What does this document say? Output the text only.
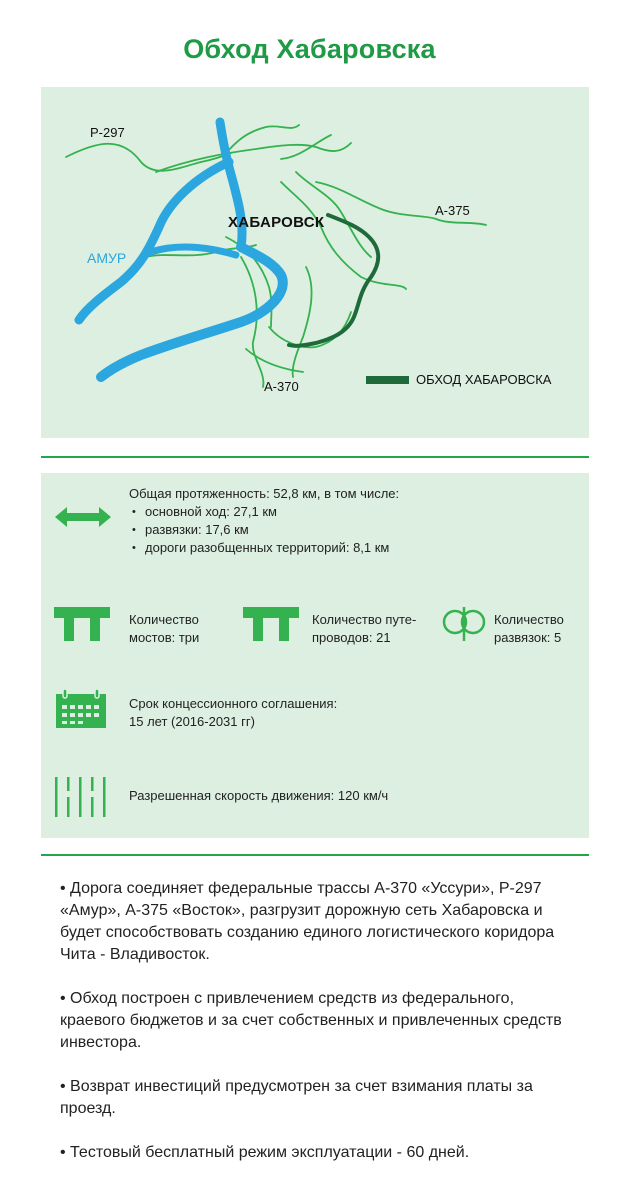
Обход Хабаровска
Р-297
А-375
А-370
ХАБАРОВСК
АМУР
ОБХОД ХАБАРОВСКА
Общая протяженность: 52,8 км, в том числе:
• основной ход: 27,1 км
• развязки: 17,6 км
• дороги разобщенных территорий: 8,1 км
Количество
мостов: три
Количество путе-
проводов: 21
Количество
развязок: 5
Срок концессионного соглашения:
15 лет (2016-2031 гг)
Разрешенная скорость движения: 120 км/ч

• Дорога соединяет федеральные трассы А-370 «Уссури», Р-297 «Амур», А-375 «Восток», разгрузит дорожную сеть Хабаровска и будет способствовать созданию единого логистического коридора Чита - Владивосток.

• Обход построен с привлечением средств из федерального, краевого бюджетов и за счет собственных и привлеченных средств инвестора.

• Возврат инвестиций предусмотрен за счет взимания платы за проезд.

• Тестовый бесплатный режим эксплуатации - 60 дней.
